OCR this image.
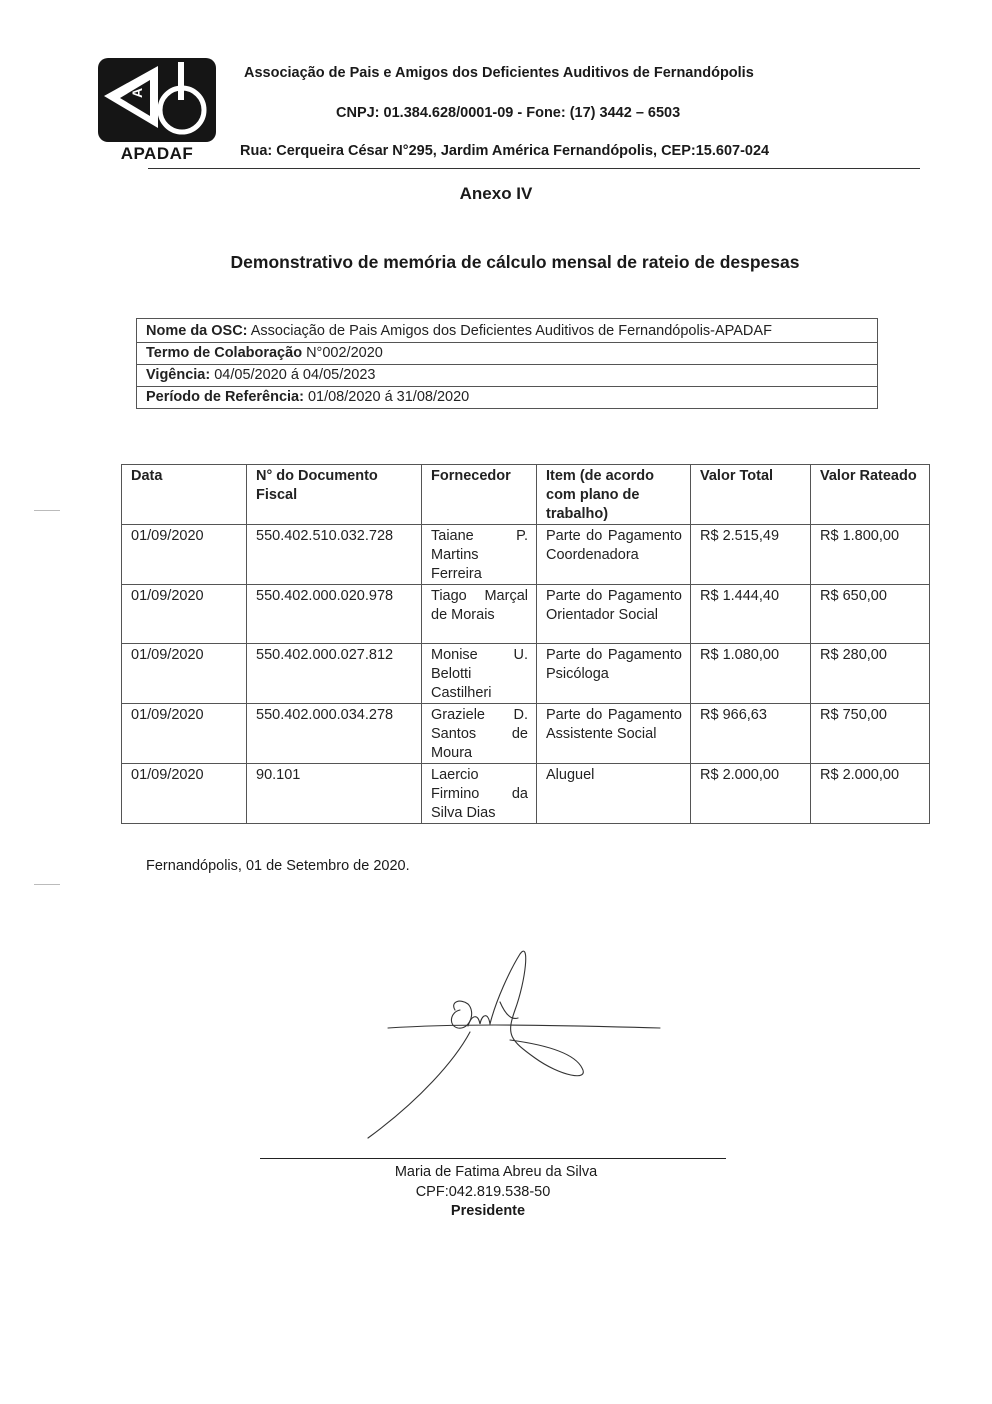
A
APADAF
Associação de Pais e Amigos dos Deficientes Auditivos de Fernandópolis
CNPJ: 01.384.628/0001-09 - Fone: (17) 3442 – 6503
Rua: Cerqueira César N°295, Jardim América Fernandópolis, CEP:15.607-024
Anexo IV
Demonstrativo de memória de cálculo mensal de rateio de despesas
Nome da OSC: Associação de Pais Amigos dos Deficientes Auditivos de Fernandópolis-APADAF
Termo de Colaboração N°002/2020
Vigência: 04/05/2020 á 04/05/2023
Período de Referência: 01/08/2020 á 31/08/2020
Data	N° do Documento Fiscal	Fornecedor	Item (de acordo com plano de trabalho)	Valor Total	Valor Rateado
01/09/2020	550.402.510.032.728	Taiane P. Martins Ferreira	Parte do Pagamento Coordenadora	R$ 2.515,49	R$ 1.800,00
01/09/2020	550.402.000.020.978	Tiago Marçal de Morais	Parte do Pagamento Orientador Social	R$ 1.444,40	R$ 650,00
01/09/2020	550.402.000.027.812	Monise U. Belotti Castilheri	Parte do Pagamento Psicóloga	R$ 1.080,00	R$ 280,00
01/09/2020	550.402.000.034.278	Graziele D. Santos de Moura	Parte do Pagamento Assistente Social	R$ 966,63	R$ 750,00
01/09/2020	90.101	Laercio Firmino da Silva Dias	Aluguel	R$ 2.000,00	R$ 2.000,00
Fernandópolis, 01 de Setembro de 2020.
Maria de Fatima Abreu da Silva
CPF:042.819.538-50
Presidente
